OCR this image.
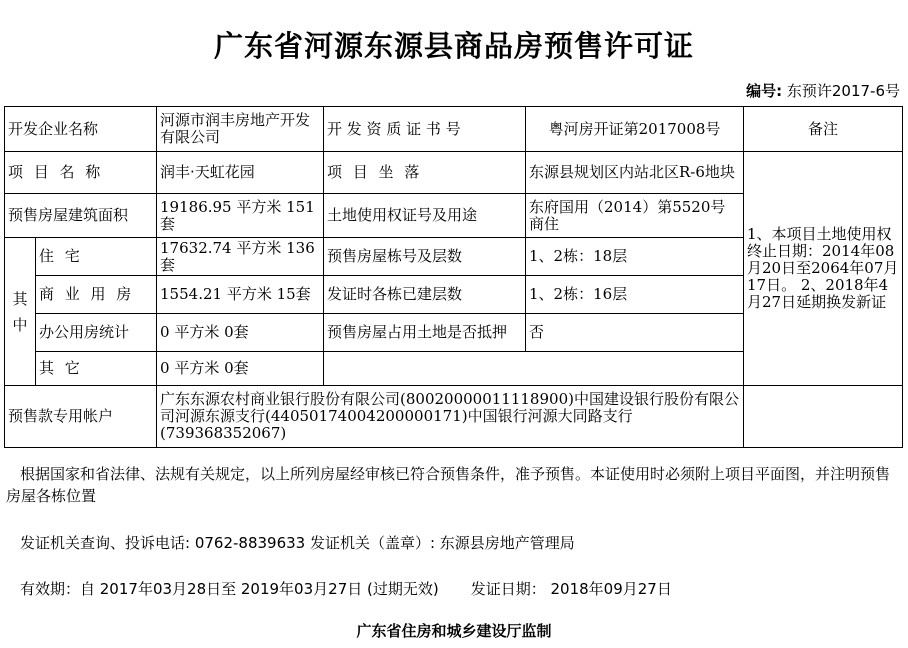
广东省河源东源县商品房预售许可证
编号: 东预许2017-6号
开发企业名称		河源市润丰房地产开发有限公司	开 发 资 质 证 书 号	粤河房开证第2017008号	备注
项 目 名 称		润丰·天虹花园	项 目 坐 落	东源县规划区内站北区R-6地块	1、本项目土地使用权终止日期：2014年08月20日至2064年07月17日。 2、2018年4月27日延期换发新证
预售房屋建筑面积		19186.95 平方米 151套	土地使用权证号及用途	东府国用（2014）第5520号 商住	

其
中	住 宅	17632.74 平方米 136套	预售房屋栋号及层数	1、2栋：18层	
	商 业 用 房	1554.21 平方米 15套	发证时各栋已建层数	1、2栋：16层	
	办公用房统计	0 平方米 0套	预售房屋占用土地是否抵押	否	
	其 它	0 平方米 0套			
预售款专用帐户		广东东源农村商业银行股份有限公司(80020000011118900)中国建设银行股份有限公司河源东源支行(44050174004200000171)中国银行河源大同路支行(739368352067)			
根据国家和省法律、法规有关规定，以上所列房屋经审核已符合预售条件，准予预售。本证使用时必须附上项目平面图，并注明预售房屋各栋位置
发证机关查询、投诉电话: 0762-8839633 发证机关（盖章）: 东源县房地产管理局
有效期：自 2017年03月28日至 2019年03月27日 (过期无效) 发证日期： 2018年09月27日
广东省住房和城乡建设厅监制
